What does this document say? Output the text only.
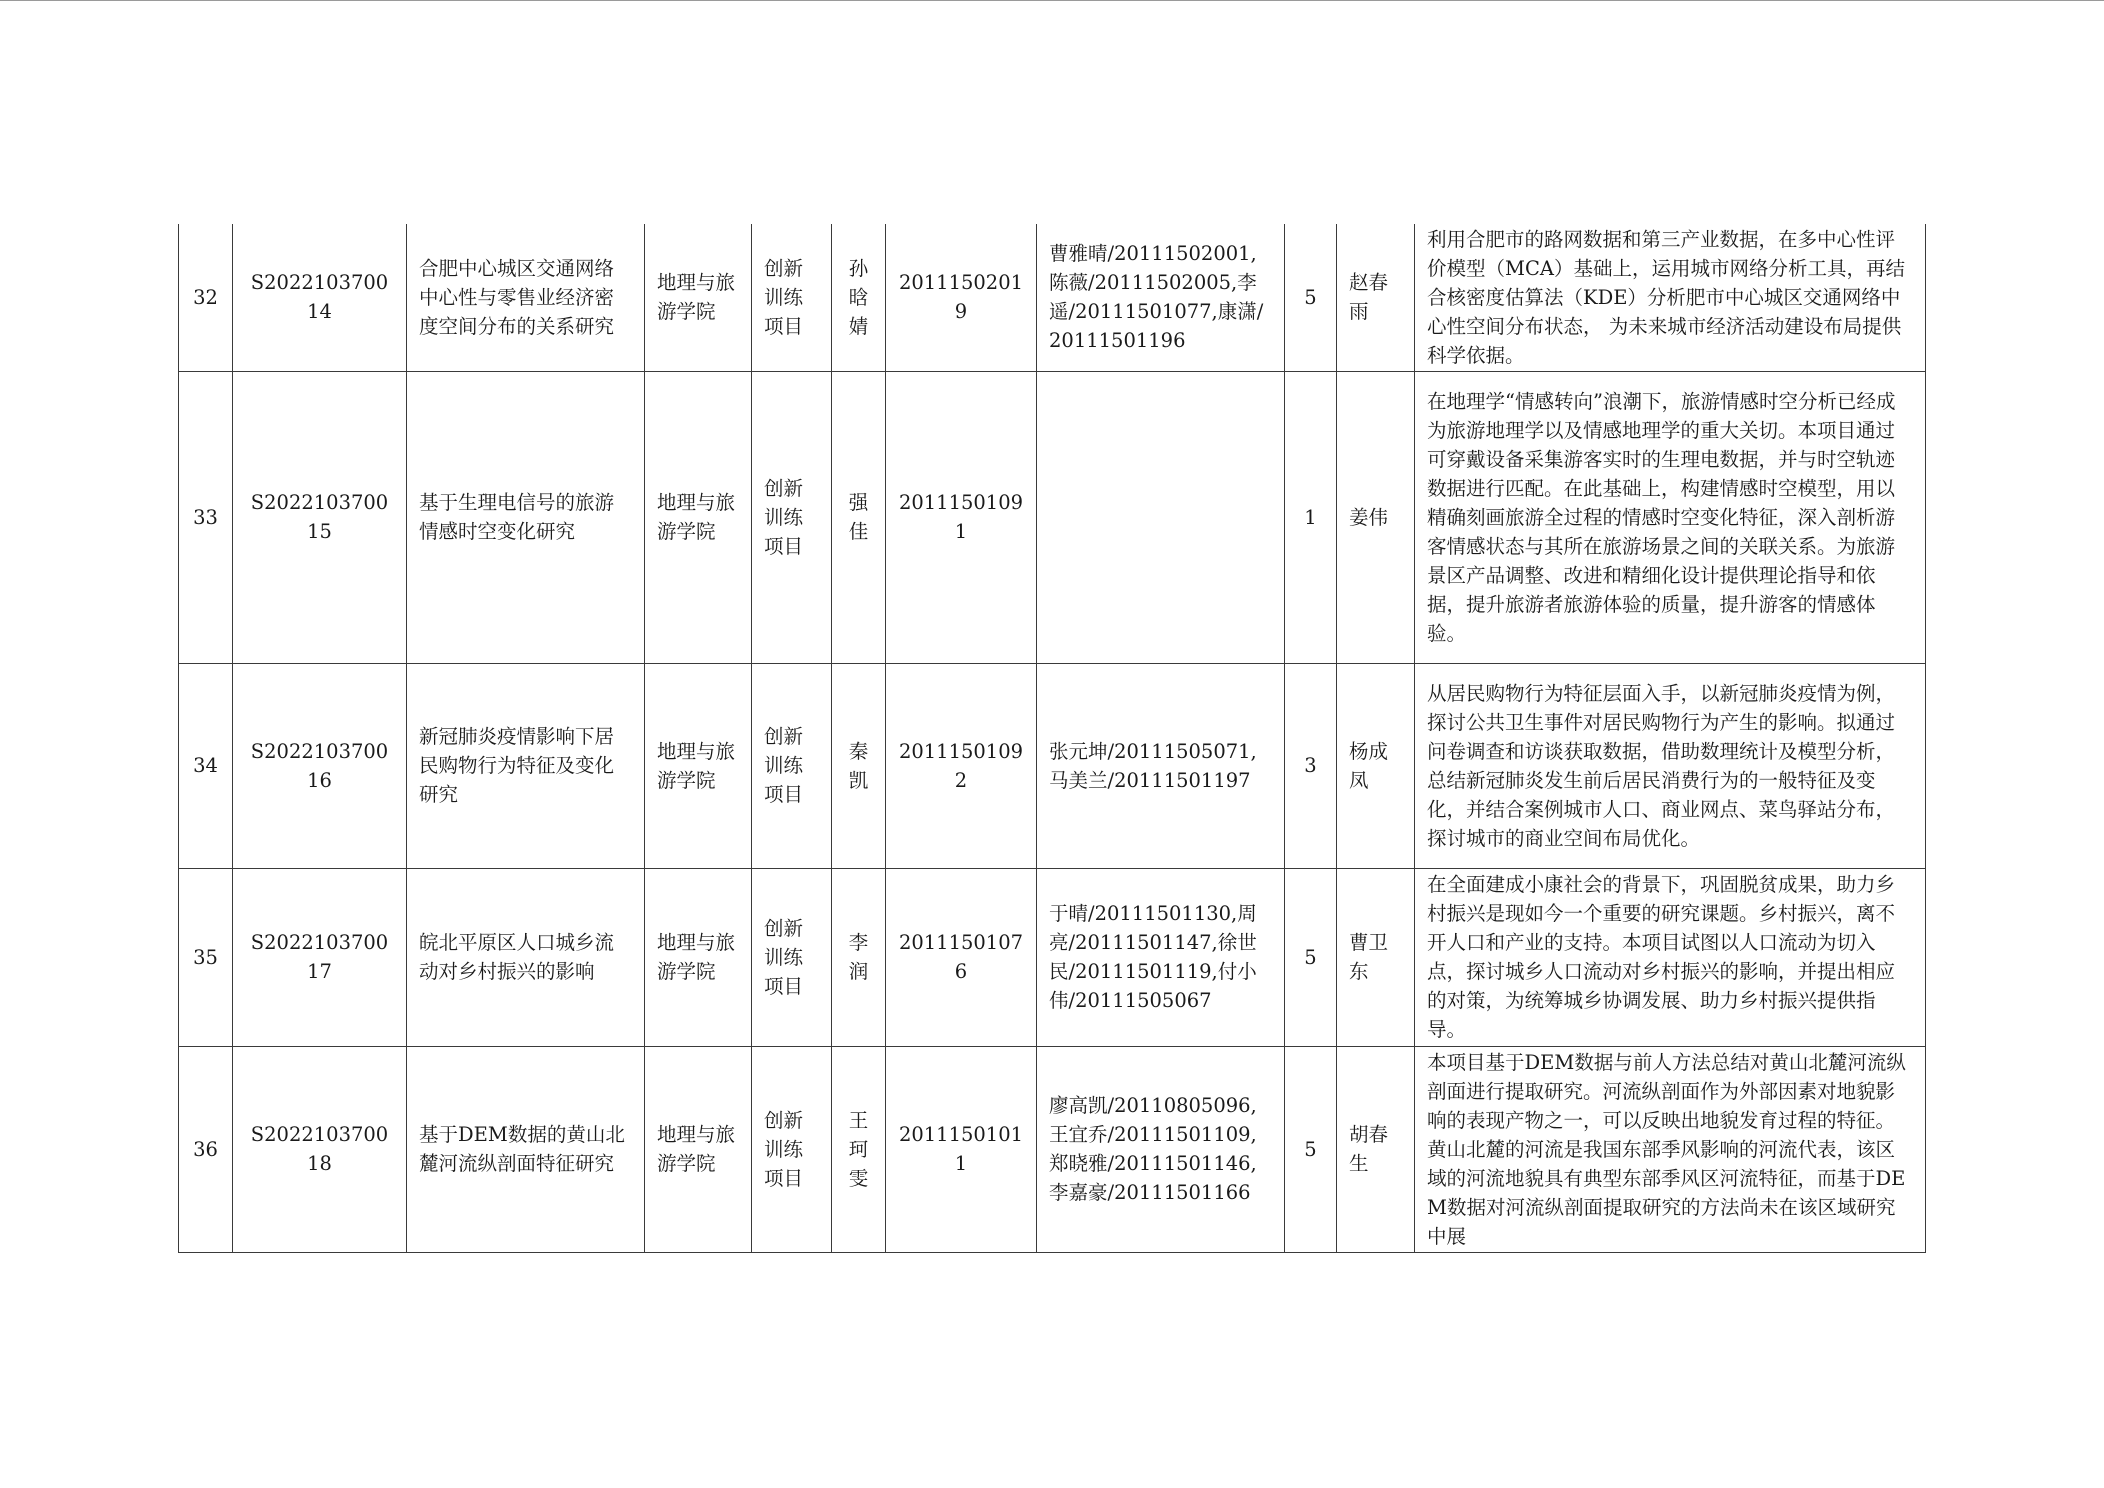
32	S202210370014	合肥中心城区交通网络中心性与零售业经济密度空间分布的关系研究	地理与旅游学院	创新训练项目	孙晗婧	20111502019	曹雅晴/20111502001,陈薇/20111502005,李遥/20111501077,康潇/20111501196	5	赵春雨	利用合肥市的路网数据和第三产业数据，在多中心性评价模型（MCA）基础上，运用城市网络分析工具，再结合核密度估算法（KDE）分析肥市中心城区交通网络中心性空间分布状态， 为未来城市经济活动建设布局提供科学依据。
33	S202210370015	基于生理电信号的旅游情感时空变化研究	地理与旅游学院	创新训练项目	强佳	20111501091		1	姜伟	在地理学“情感转向”浪潮下，旅游情感时空分析已经成为旅游地理学以及情感地理学的重大关切。本项目通过可穿戴设备采集游客实时的生理电数据，并与时空轨迹数据进行匹配。在此基础上，构建情感时空模型，用以精确刻画旅游全过程的情感时空变化特征，深入剖析游客情感状态与其所在旅游场景之间的关联关系。为旅游景区产品调整、改进和精细化设计提供理论指导和依据，提升旅游者旅游体验的质量，提升游客的情感体验。
34	S202210370016	新冠肺炎疫情影响下居民购物行为特征及变化研究	地理与旅游学院	创新训练项目	秦凯	20111501092	张元坤/20111505071,马美兰/20111501197	3	杨成凤	从居民购物行为特征层面入手，以新冠肺炎疫情为例，探讨公共卫生事件对居民购物行为产生的影响。拟通过问卷调查和访谈获取数据，借助数理统计及模型分析，总结新冠肺炎发生前后居民消费行为的一般特征及变化，并结合案例城市人口、商业网点、菜鸟驿站分布，探讨城市的商业空间布局优化。
35	S202210370017	皖北平原区人口城乡流动对乡村振兴的影响	地理与旅游学院	创新训练项目	李润	20111501076	于晴/20111501130,周亮/20111501147,徐世民/20111501119,付小伟/20111505067	5	曹卫东	在全面建成小康社会的背景下，巩固脱贫成果，助力乡村振兴是现如今一个重要的研究课题。乡村振兴，离不开人口和产业的支持。本项目试图以人口流动为切入点，探讨城乡人口流动对乡村振兴的影响，并提出相应的对策，为统筹城乡协调发展、助力乡村振兴提供指导。
36	S202210370018	基于DEM数据的黄山北麓河流纵剖面特征研究	地理与旅游学院	创新训练项目	王珂雯	20111501011	廖高凯/20110805096,王宜乔/20111501109,郑晓雅/20111501146,李嘉豪/20111501166	5	胡春生	本项目基于DEM数据与前人方法总结对黄山北麓河流纵剖面进行提取研究。河流纵剖面作为外部因素对地貌影响的表现产物之一，可以反映出地貌发育过程的特征。黄山北麓的河流是我国东部季风影响的河流代表，该区域的河流地貌具有典型东部季风区河流特征，而基于DEM数据对河流纵剖面提取研究的方法尚未在该区域研究中展
